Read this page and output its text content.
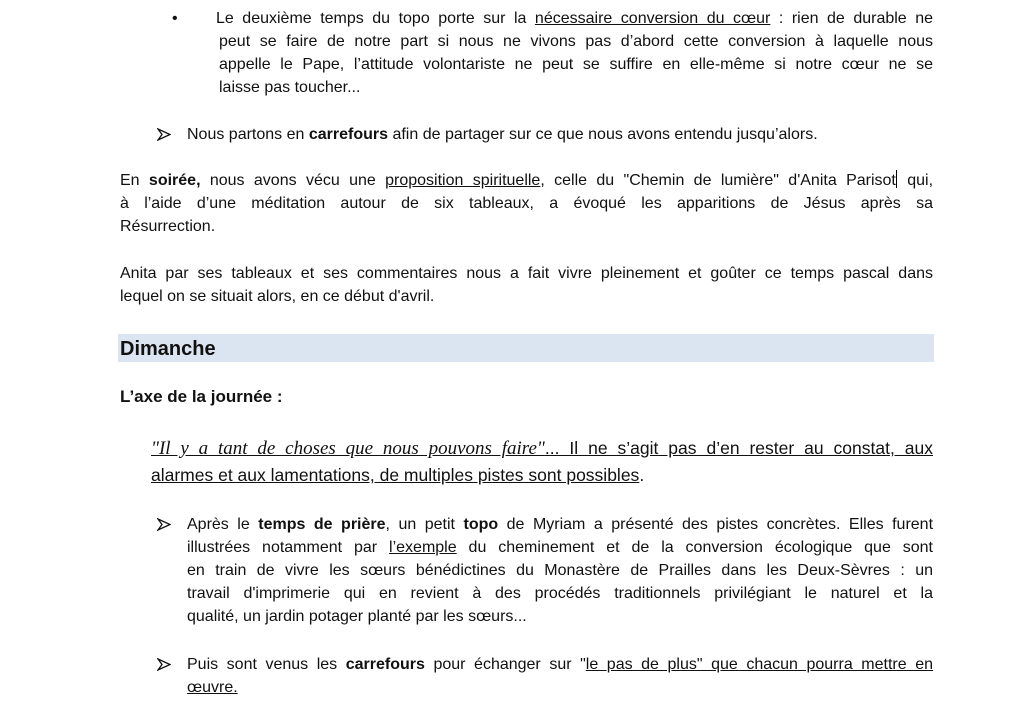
• Le deuxième temps du topo porte sur la nécessaire conversion du cœur : rien de durable ne
peut se faire de notre part si nous ne vivons pas d’abord cette conversion à laquelle nous
appelle le Pape, l’attitude volontariste ne peut se suffire en elle-même si notre cœur ne se
laisse pas toucher...
Nous partons en carrefours afin de partager sur ce que nous avons entendu jusqu’alors.
En soirée, nous avons vécu une proposition spirituelle, celle du "Chemin de lumière" d'Anita Parisot qui,
à l’aide d’une méditation autour de six tableaux, a évoqué les apparitions de Jésus après sa
Résurrection.
Anita par ses tableaux et ses commentaires nous a fait vivre pleinement et goûter ce temps pascal dans
lequel on se situait alors, en ce début d'avril.
Dimanche
L’axe de la journée :
"Il y a tant de choses que nous pouvons faire"... Il ne s’agit pas d’en rester au constat, aux
alarmes et aux lamentations, de multiples pistes sont possibles.
Après le temps de prière, un petit topo de Myriam a présenté des pistes concrètes. Elles furent
illustrées notamment par l’exemple du cheminement et de la conversion écologique que sont
en train de vivre les sœurs bénédictines du Monastère de Prailles dans les Deux-Sèvres : un
travail d'imprimerie qui en revient à des procédés traditionnels privilégiant le naturel et la
qualité, un jardin potager planté par les sœurs...
Puis sont venus les carrefours pour échanger sur "le pas de plus" que chacun pourra mettre en
œuvre.
